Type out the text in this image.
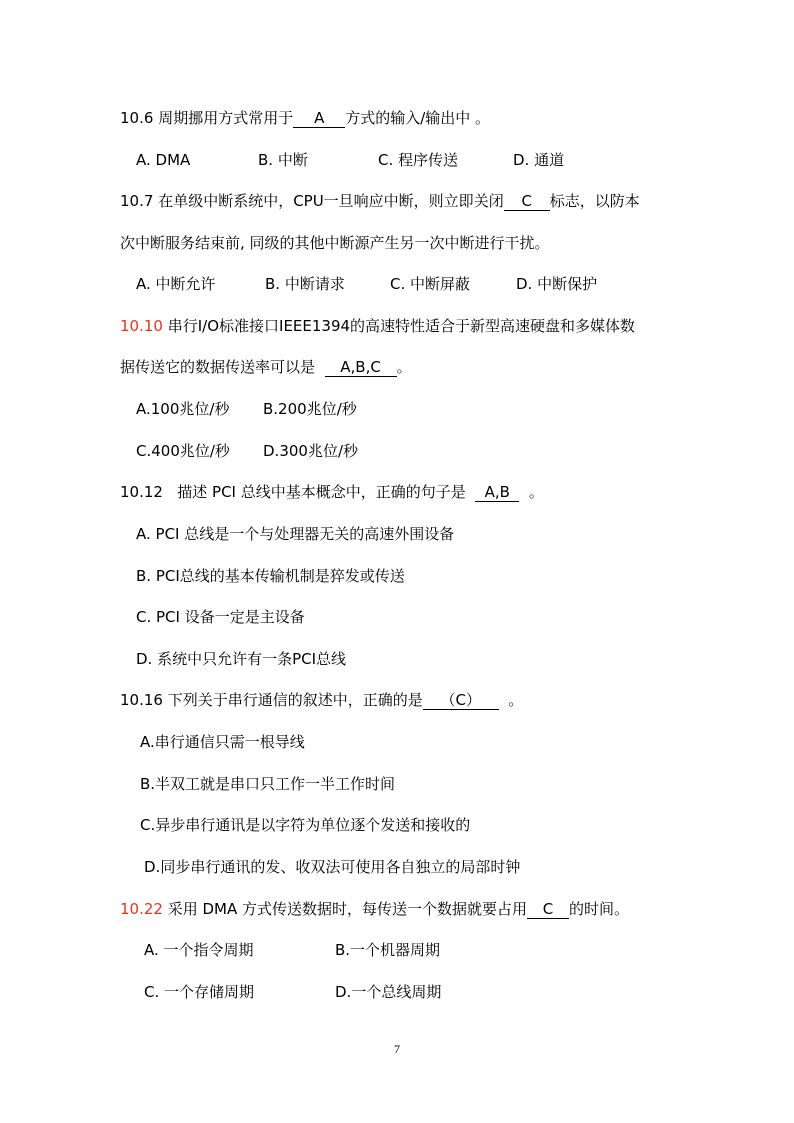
10.6 周期挪用方式常用于 A 方式的输入/输出中 。
A. DMA	B. 中断	C. 程序传送	D. 通道
10.7 在单级中断系统中，CPU一旦响应中断，则立即关闭 C 标志，以防本
次中断服务结束前, 同级的其他中断源产生另一次中断进行干扰。
A. 中断允许	B. 中断请求	C. 中断屏蔽	D. 中断保护
10.10 串行I/O标准接口IEEE1394的高速特性适合于新型高速硬盘和多媒体数
据传送它的数据传送率可以是 A,B,C 。
A.100兆位/秒 B.200兆位/秒
C.400兆位/秒 D.300兆位/秒
10.12 描述 PCI 总线中基本概念中，正确的句子是 A,B 。
A. PCI 总线是一个与处理器无关的高速外围设备
B. PCI总线的基本传输机制是猝发或传送
C. PCI 设备一定是主设备
D. 系统中只允许有一条PCI总线
10.16 下列关于串行通信的叙述中，正确的是 （C） 。
A.串行通信只需一根导线
B.半双工就是串口只工作一半工作时间
C.异步串行通讯是以字符为单位逐个发送和接收的
D.同步串行通讯的发、收双法可使用各自独立的局部时钟
10.22 采用 DMA 方式传送数据时，每传送一个数据就要占用 C 的时间。
A. 一个指令周期	B.一个机器周期
C. 一个存储周期	D.一个总线周期
7
